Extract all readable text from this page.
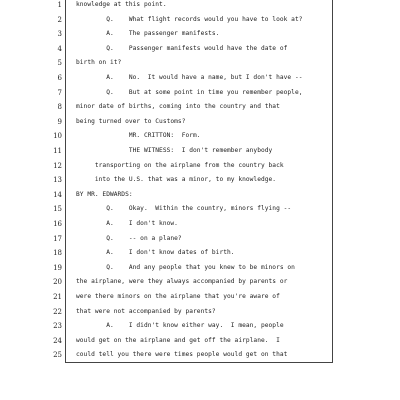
1 knowledge at this point.
2 Q.    What flight records would you have to look at?
3 A.    The passenger manifests.
4 Q.    Passenger manifests would have the date of
5 birth on it?
6 A.    No.  It would have a name, but I don't have --
7 Q.    But at some point in time you remember people,
8 minor date of births, coming into the country and that
9 being turned over to Customs?
10 MR. CRITTON:  Form.
11 THE WITNESS:  I don't remember anybody
12 transporting on the airplane from the country back
13 into the U.S. that was a minor, to my knowledge.
14 BY MR. EDWARDS:
15 Q.    Okay.  Within the country, minors flying --
16 A.    I don't know.
17 Q.    -- on a plane?
18 A.    I don't know dates of birth.
19 Q.    And any people that you knew to be minors on
20 the airplane, were they always accompanied by parents or
21 were there minors on the airplane that you're aware of
22 that were not accompanied by parents?
23 A.    I didn't know either way.  I mean, people
24 would get on the airplane and get off the airplane.  I
25 could tell you there were times people would get on that
